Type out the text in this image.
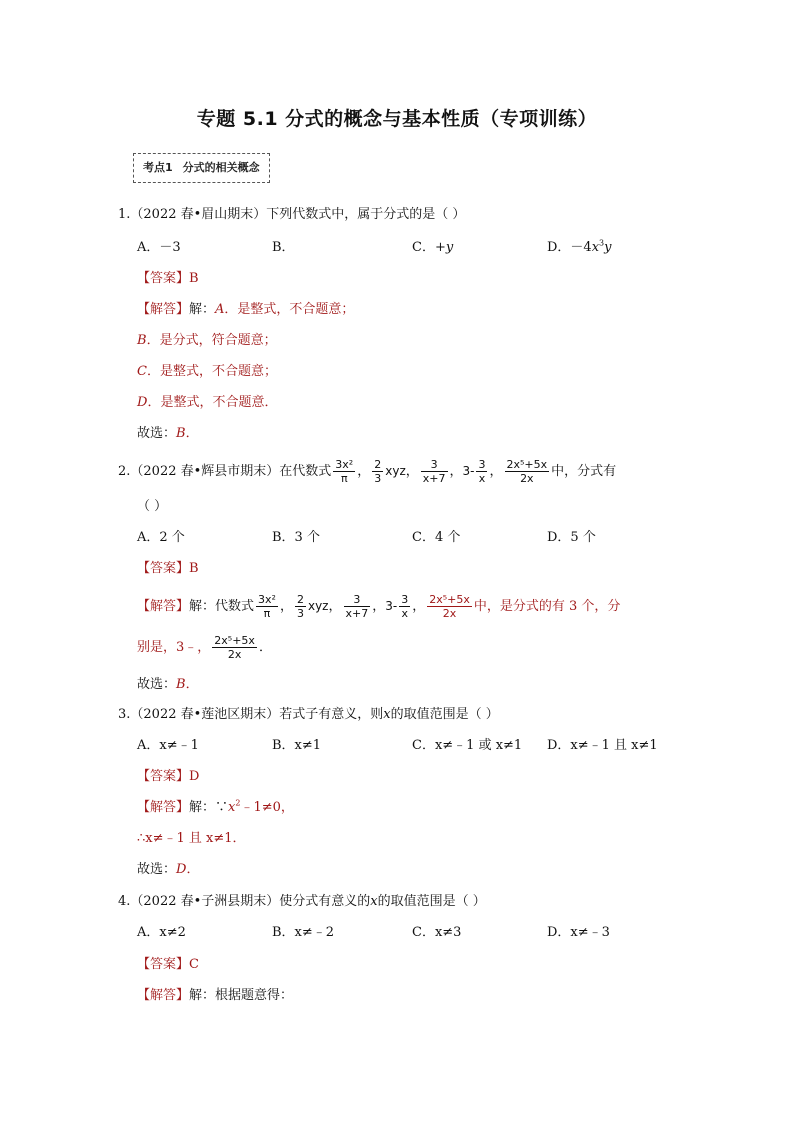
专题 5.1 分式的概念与基本性质（专项训练）
考点1 分式的相关概念
1.（2022 春•眉山期末）下列代数式中，属于分式的是（ ）
A．－3	B．	C．+y	D．$-4x^3y$
【答案】B
【解答】解：A．是整式，不合题意；
B．是分式，符合题意；
C．是整式，不合题意；
D．是整式，不合题意．
故选：B．
2.（2022 春•辉县市期末）在代数式 $\frac{\text{3x²}}{\pi}$ ， $\frac{2}{3}$ xyz， $\frac{3}{x+7}$ ，$3- \frac{3}{x}$ ， $\frac{\text{2x⁵+5x}}{2x}$ 中，分式有
（ ）
A．2 个	B．3 个	C．4 个	D．5 个
【答案】B
【解答】解：代数式 $\frac{\text{3x²}}{\pi}$ ， $\frac{2}{3}$ xyz， $\frac{3}{x+7}$ ，$3- \frac{3}{x}$ ， $\frac{\text{2x⁵+5x}}{2x}$ 中，是分式的有 3 个，分
别是，3﹣， $\frac{\text{2x⁵+5x}}{2x}$ ．
故选：B．
3.（2022 春•莲池区期末）若式子有意义，则x的取值范围是（ ）
A．x≠﹣1	B．x≠1	C．x≠﹣1 或 x≠1 D．x≠﹣1 且 x≠1
【答案】D
【解答】解：$\because x^2﹣1\ne 0$，
∴x≠﹣1 且 x≠1．
故选：D．
4.（2022 春•子洲县期末）使分式有意义的x的取值范围是（ ）
A．x≠2	B．x≠﹣2	C．x≠3	D．x≠﹣3
【答案】C
【解答】解：根据题意得：
